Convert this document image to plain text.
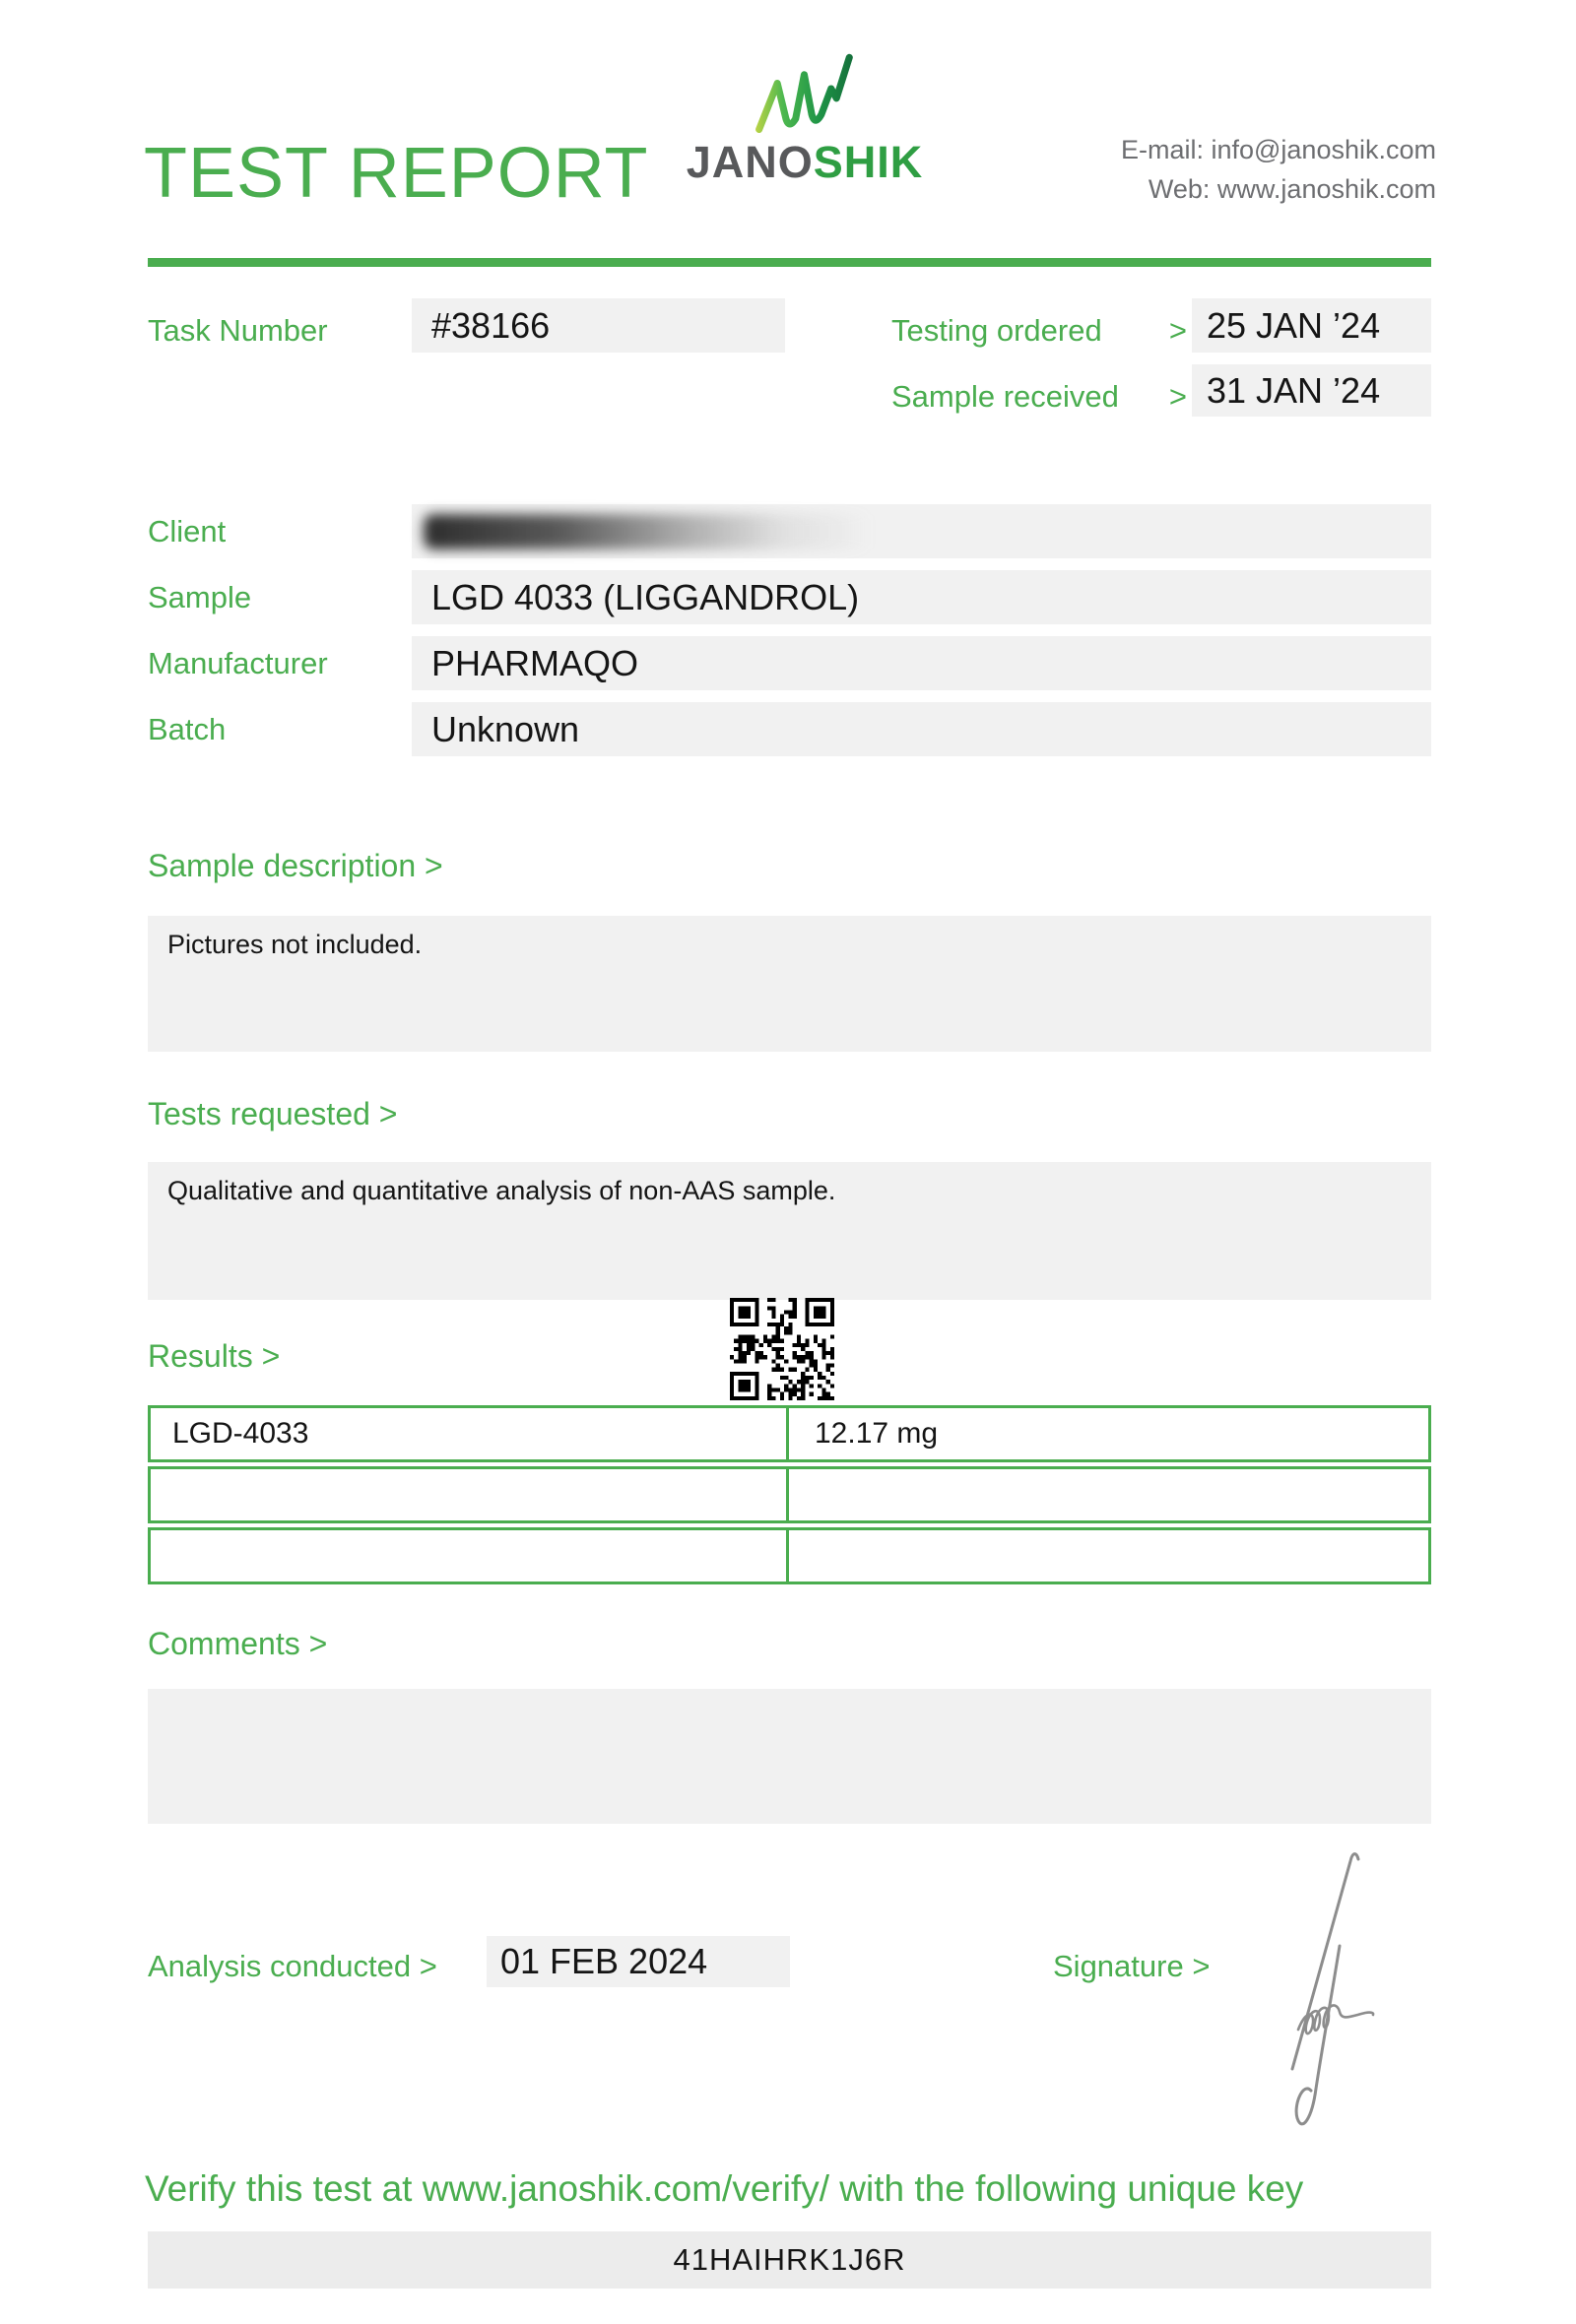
TEST REPORT JANOSHIK	E-mail: info@janoshik.com
Web: www.janoshik.com
Task Number	#38166	Testing ordered > 25 JAN ’24
Sample received > 31 JAN ’24
Client
Sample	LGD 4033 (LIGGANDROL)
Manufacturer	PHARMAQO
Batch	Unknown
Sample description >
Pictures not included.
Tests requested >
Qualitative and quantitative analysis of non-AAS sample.
Results >
LGD-4033	12.17 mg
Comments >
Analysis conducted >	01 FEB 2024	Signature >
Verify this test at www.janoshik.com/verify/ with the following unique key
41HAIHRK1J6R
